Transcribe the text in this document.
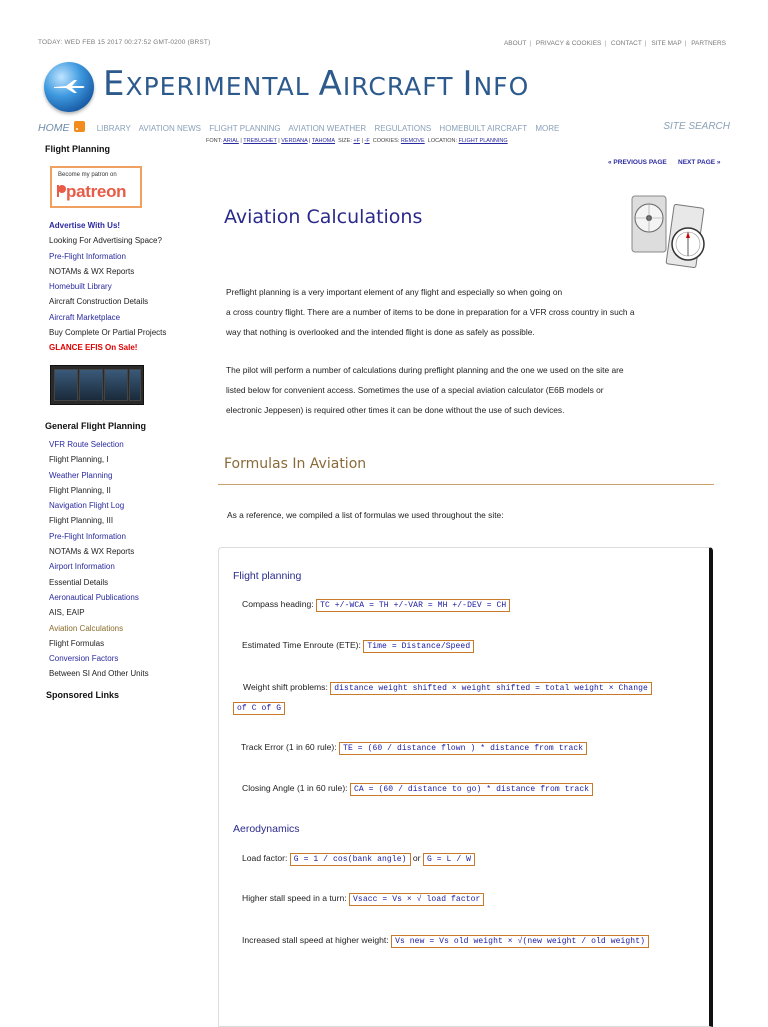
TODAY: WED FEB 15 2017 00:27:52 GMT-0200 (BRST)	ABOUT | PRIVACY & COOKIES | CONTACT | SITE MAP | PARTNERS
EXPERIMENTAL AIRCRAFT INFO
HOME	LIBRARY AVIATION NEWS FLIGHT PLANNING AVIATION WEATHER REGULATIONS HOMEBUILT AIRCRAFT MORE	SITE SEARCH
FONT: ARIAL | TREBUCHET | VERDANA | TAHOMA SIZE: +F | -F COOKIES: REMOVE LOCATION: FLIGHT PLANNING
Flight Planning
Become my patron on
patreon
Advertise With Us!
Looking For Advertising Space?
Pre-Flight Information
NOTAMs & WX Reports
Homebuilt Library
Aircraft Construction Details
Aircraft Marketplace
Buy Complete Or Partial Projects
GLANCE EFIS On Sale!
General Flight Planning
VFR Route Selection
Flight Planning, I
Weather Planning
Flight Planning, II
Navigation Flight Log
Flight Planning, III
Pre-Flight Information
NOTAMs & WX Reports
Airport Information
Essential Details
Aeronautical Publications
AIS, EAIP
Aviation Calculations
Flight Formulas
Conversion Factors
Between SI And Other Units
Sponsored Links
« PREVIOUS PAGE NEXT PAGE »
Aviation Calculations
Preflight planning is a very important element of any flight and especially so when going on
a cross country flight. There are a number of items to be done in preparation for a VFR cross country in such a
way that nothing is overlooked and the intended flight is done as safely as possible.
The pilot will perform a number of calculations during preflight planning and the one we used on the site are
listed below for convenient access. Sometimes the use of a special aviation calculator (E6B models or
electronic Jeppesen) is required other times it can be done without the use of such devices.
Formulas In Aviation
As a reference, we compiled a list of formulas we used throughout the site:
Flight planning
Compass heading: TC +/-WCA = TH +/-VAR = MH +/-DEV = CH
Estimated Time Enroute (ETE): Time = Distance/Speed
Weight shift problems: distance weight shifted × weight shifted = total weight × Change
of C of G
Track Error (1 in 60 rule): TE = (60 / distance flown ) * distance from track
Closing Angle (1 in 60 rule): CA = (60 / distance to go) * distance from track
Aerodynamics
Load factor: G = 1 / cos(bank angle) or G = L / W
Higher stall speed in a turn: Vsacc = Vs × √ load factor
Increased stall speed at higher weight: Vs new = Vs old weight × √(new weight / old weight)
